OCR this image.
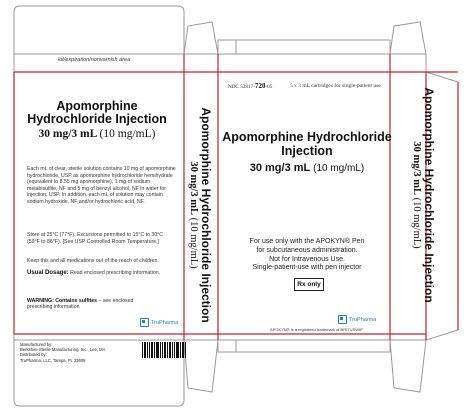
lot/expiration/nonvarnish area
Apomorphine Hydrochloride Injection
30 mg/3 mL (10 mg/mL)
Each mL of clear, sterile solution contains 10 mg of apomorphine hydrochloride, USP as apomorphine hydrochloride hemihydrate (equivalent to 8.55 mg apomorphine), 1 mg of sodium metabisulfite, NF and 5 mg of benzyl alcohol, NF in water for injection, USP. In addition, each mL of solution may contain sodium hydroxide, NF and/or hydrochloric acid, NF.
Store at 25°C (77°F). Excursions permitted to 15°C to 30°C (59°F to 86°F). [See USP Controlled Room Temperature.]
Keep this and all medications out of the reach of children.
Usual Dosage: Read enclosed prescribing information.
WARNING: Contains sulfites – see enclosed prescribing information
TruPharma
Manufactured by:
Berkshire Sterile Manufacturing, Inc., Lee, MA
Distributed by:
TruPharma, LLC, Tampa, FL 33609
Apomorphine Hydrochloride Injection
30 mg/3 mL (10 mg/mL)
NDC 52817-720-05	5 x 3 mL cartridges for single-patient use
Apomorphine Hydrochloride Injection
30 mg/3 mL (10 mg/mL)
For use only with the APOKYN® Pen
for subcutaneous administration.
Not for Intravenous Use.
Single-patient-use with pen injector
Rx only
TruPharma
APOKYN® is a registered trademark of BRITUSWIP
Apomorphine Hydrochloride Injection
30 mg/3 mL (10 mg/mL)
